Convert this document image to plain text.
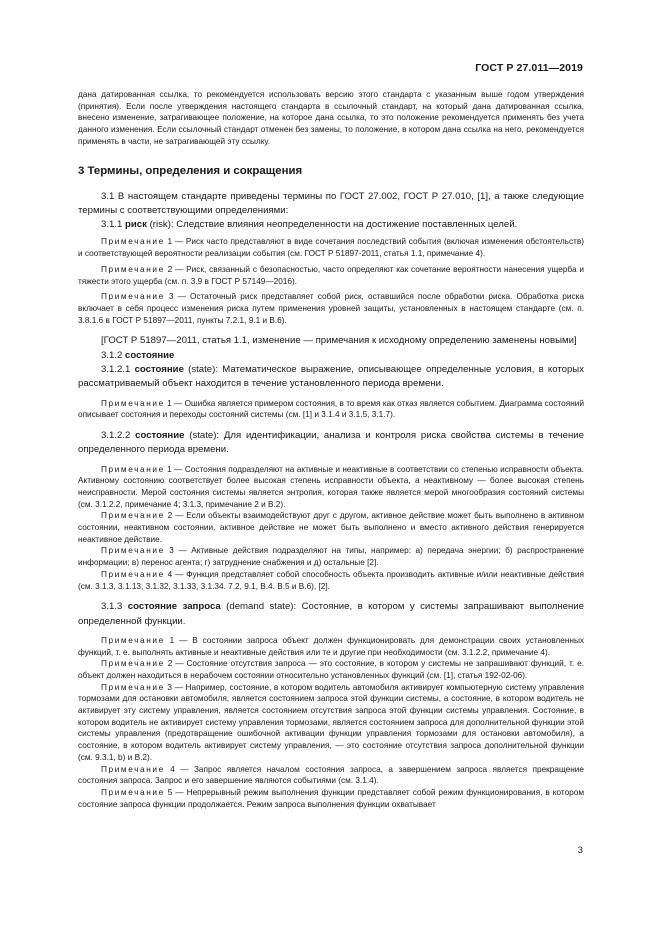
ГОСТ Р 27.011—2019

дана датированная ссылка, то рекомендуется использовать версию этого стандарта с указанным выше годом утверждения (принятия). Если после утверждения настоящего стандарта в ссылочный стандарт, на который дана датированная ссылка, внесено изменение, затрагивающее положение, на которое дана ссылка, то это положение рекомендуется применять без учета данного изменения. Если ссылочный стандарт отменен без замены, то положение, в котором дана ссылка на него, рекомендуется применять в части, не затрагивающей эту ссылку.

3 Термины, определения и сокращения

3.1 В настоящем стандарте приведены термины по ГОСТ 27.002, ГОСТ Р 27.010, [1], а также следующие термины с соответствующими определениями:

3.1.1 риск (risk): Следствие влияния неопределенности на достижение поставленных целей.

Примечание 1 — Риск часто представляют в виде сочетания последствий события (включая изменения обстоятельств) и соответствующей вероятности реализации события (см. ГОСТ Р 51897-2011, статья 1.1, примечание 4).

Примечание 2 — Риск, связанный с безопасностью, часто определяют как сочетание вероятности нанесения ущерба и тяжести этого ущерба (см. п. 3.9 в ГОСТ Р 57149—2016).

Примечание 3 — Остаточный риск представляет собой риск, оставшийся после обработки риска. Обработка риска включает в себя процесс изменения риска путем применения уровней защиты, установленных в настоящем стандарте (см. п. 3.8.1.6 в ГОСТ Р 51897—2011, пункты 7.2.1, 9.1 и В.6).

[ГОСТ Р 51897—2011, статья 1.1, изменение — примечания к исходному определению заменены новыми]

3.1.2 состояние

3.1.2.1 состояние (state): Математическое выражение, описывающее определенные условия, в которых рассматриваемый объект находится в течение установленного периода времени.

Примечание 1 — Ошибка является примером состояния, в то время как отказ является событием. Диаграмма состояний описывает состояния и переходы состояний системы (см. [1] и 3.1.4 и 3.1.5, 3.1.7).

3.1.2.2 состояние (state): Для идентификации, анализа и контроля риска свойства системы в течение определенного периода времени.

Примечание 1 — Состояния подразделяют на активные и неактивные в соответствии со степенью исправности объекта. Активному состоянию соответствует более высокая степень исправности объекта, а неактивному — более высокая степень неисправности. Мерой состояния системы является энтропия, которая также является мерой многообразия состояний системы (см. 3.1.2.2, примечание 4; 3.1.3, примечание 2 и В.2).

Примечание 2 — Если объекты взаимодействуют друг с другом, активное действие может быть выполнено в активном состоянии, неактивном состоянии, активное действие не может быть выполнено и вместо активного действия генерируется неактивное действие.

Примечание 3 — Активные действия подразделяют на типы, например: а) передача энергии; б) распространение информации; в) перенос агента; г) затруднение снабжения и д) остальные [2].

Примечание 4 — Функция представляет собой способность объекта производить активные и/или неактивные действия (см. 3.1.3, 3.1.13, 3.1.32, 3.1.33, 3.1.34. 7.2, 9.1, В.4. В.5 и В.6), [2].

3.1.3 состояние запроса (demand state): Состояние, в котором у системы запрашивают выполнение определенной функции.

Примечание 1 — В состоянии запроса объект должен функционировать для демонстрации своих установленных функций, т. е. выполнять активные и неактивные действия или те и другие при необходимости (см. 3.1.2.2, примечание 4).

Примечание 2 — Состояние отсутствия запроса — это состояние, в котором у системы не запрашивают функций, т. е. объект должен находиться в нерабочем состоянии относительно установленных функций (см. [1], статья 192-02-06).

Примечание 3 — Например, состояние, в котором водитель автомобиля активирует компьютерную систему управления тормозами для остановки автомобиля, является состоянием запроса этой функции системы, а состояние, в котором водитель не активирует эту систему управления, является состоянием отсутствия запроса этой функции системы управления. Состояние, в котором водитель не активирует систему управления тормозами, является состоянием запроса для дополнительной функции этой системы управления (предотвращение ошибочной активации функции управления тормозами для остановки автомобиля), а состояние, в котором водитель активирует систему управления, — это состояние отсутствия запроса дополнительной функции (см. 9.3.1, b) и В.2).

Примечание 4 — Запрос является началом состояния запроса, а завершением запроса является прекращение состояния запроса. Запрос и его завершение являются событиями (см. 3.1.4).

Примечание 5 — Непрерывный режим выполнения функции представляет собой режим функционирования, в котором состояние запроса функции продолжается. Режим запроса выполнения функции охватывает

3
